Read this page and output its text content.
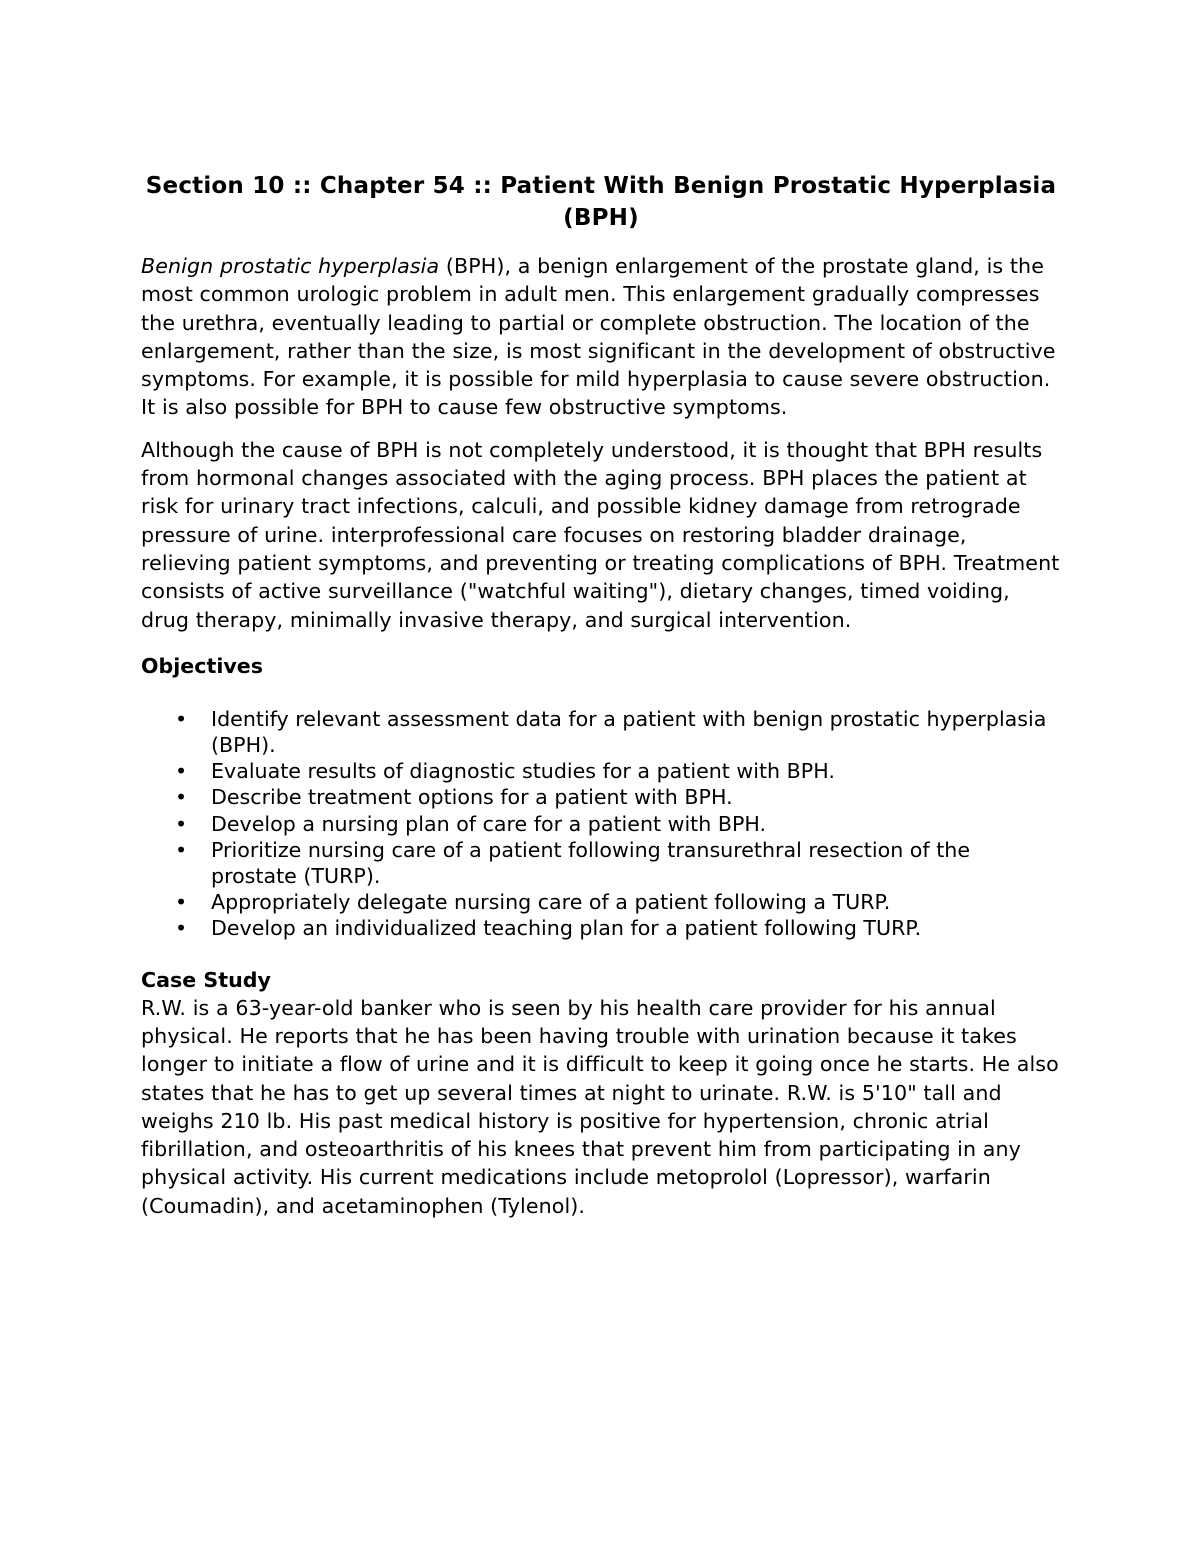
Section 10 :: Chapter 54 :: Patient With Benign Prostatic Hyperplasia (BPH)

Benign prostatic hyperplasia (BPH), a benign enlargement of the prostate gland, is the most common urologic problem in adult men. This enlargement gradually compresses the urethra, eventually leading to partial or complete obstruction. The location of the enlargement, rather than the size, is most significant in the development of obstructive symptoms. For example, it is possible for mild hyperplasia to cause severe obstruction. It is also possible for BPH to cause few obstructive symptoms.

Although the cause of BPH is not completely understood, it is thought that BPH results from hormonal changes associated with the aging process. BPH places the patient at risk for urinary tract infections, calculi, and possible kidney damage from retrograde pressure of urine. interprofessional care focuses on restoring bladder drainage, relieving patient symptoms, and preventing or treating complications of BPH. Treatment consists of active surveillance ("watchful waiting"), dietary changes, timed voiding, drug therapy, minimally invasive therapy, and surgical intervention.

Objectives
• Identify relevant assessment data for a patient with benign prostatic hyperplasia (BPH).
• Evaluate results of diagnostic studies for a patient with BPH.
• Describe treatment options for a patient with BPH.
• Develop a nursing plan of care for a patient with BPH.
• Prioritize nursing care of a patient following transurethral resection of the prostate (TURP).
• Appropriately delegate nursing care of a patient following a TURP.
• Develop an individualized teaching plan for a patient following TURP.
Case Study

R.W. is a 63-year-old banker who is seen by his health care provider for his annual physical. He reports that he has been having trouble with urination because it takes longer to initiate a flow of urine and it is difficult to keep it going once he starts. He also states that he has to get up several times at night to urinate. R.W. is 5'10" tall and weighs 210 lb. His past medical history is positive for hypertension, chronic atrial fibrillation, and osteoarthritis of his knees that prevent him from participating in any physical activity. His current medications include metoprolol (Lopressor), warfarin (Coumadin), and acetaminophen (Tylenol).
